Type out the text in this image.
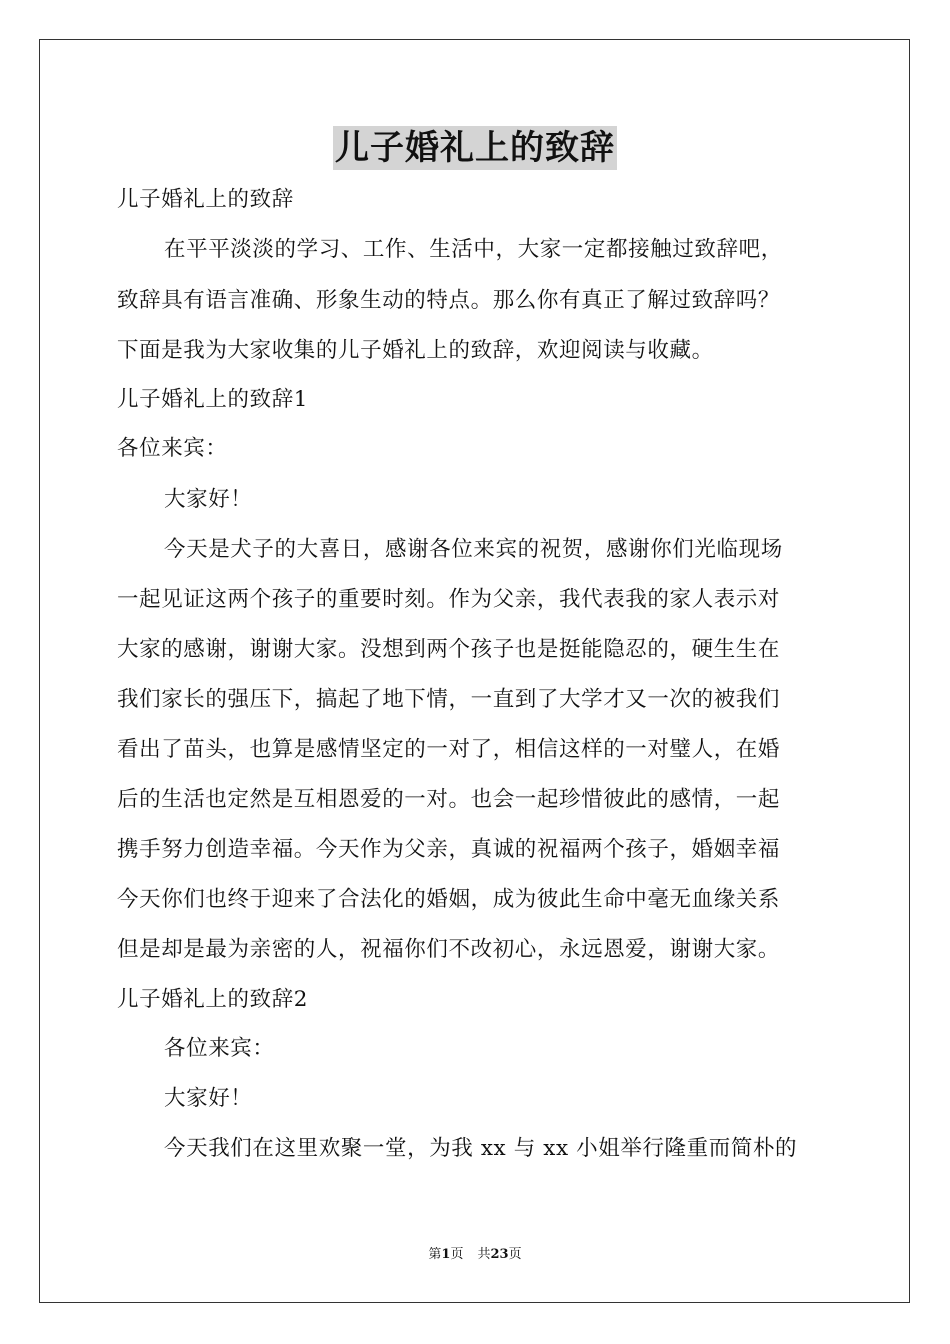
儿子婚礼上的致辞
儿子婚礼上的致辞
在平平淡淡的学习、工作、生活中，大家一定都接触过致辞吧，
致辞具有语言准确、形象生动的特点。那么你有真正了解过致辞吗？
下面是我为大家收集的儿子婚礼上的致辞，欢迎阅读与收藏。
儿子婚礼上的致辞1
各位来宾：
大家好！
今天是犬子的大喜日，感谢各位来宾的祝贺，感谢你们光临现场
一起见证这两个孩子的重要时刻。作为父亲，我代表我的家人表示对
大家的感谢，谢谢大家。没想到两个孩子也是挺能隐忍的，硬生生在
我们家长的强压下，搞起了地下情，一直到了大学才又一次的被我们
看出了苗头，也算是感情坚定的一对了，相信这样的一对璧人，在婚
后的生活也定然是互相恩爱的一对。也会一起珍惜彼此的感情，一起
携手努力创造幸福。今天作为父亲，真诚的祝福两个孩子，婚姻幸福
今天你们也终于迎来了合法化的婚姻，成为彼此生命中毫无血缘关系
但是却是最为亲密的人，祝福你们不改初心，永远恩爱，谢谢大家。
儿子婚礼上的致辞2
各位来宾：
大家好！
今天我们在这里欢聚一堂，为我 xx 与 xx 小姐举行隆重而简朴的
第1页 共23页
